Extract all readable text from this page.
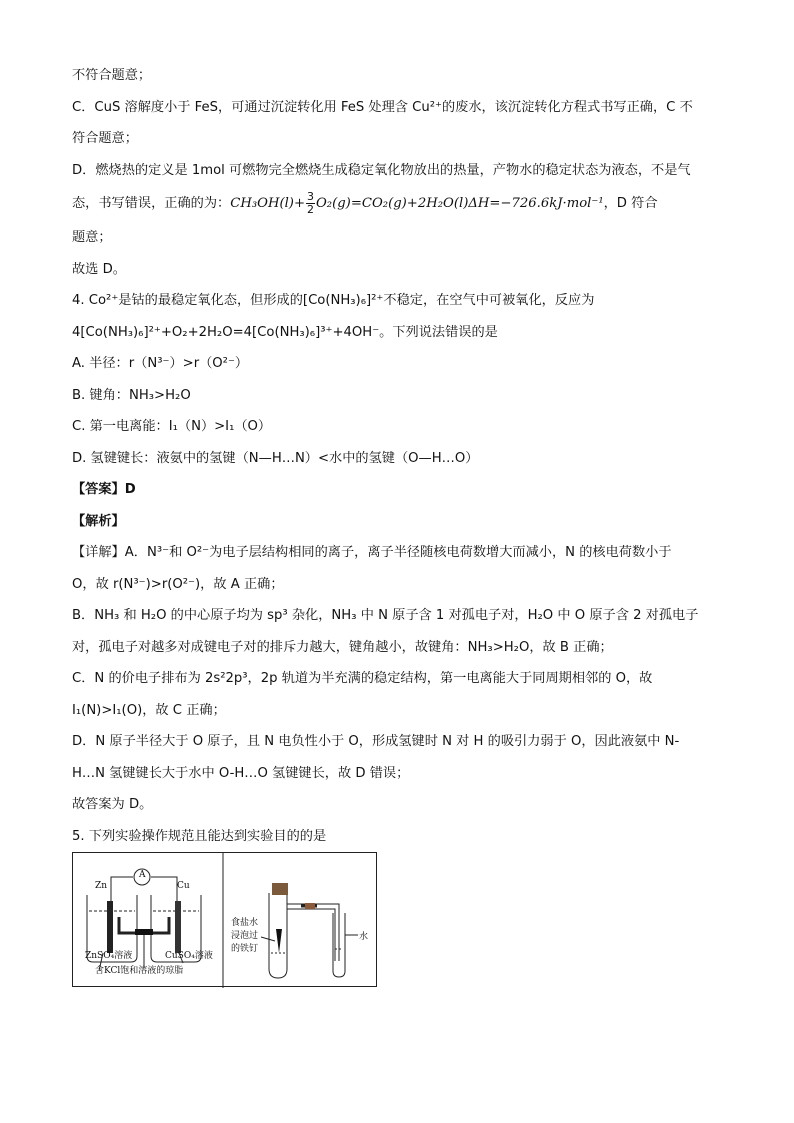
不符合题意；
C．CuS 溶解度小于 FeS，可通过沉淀转化用 FeS 处理含 Cu²⁺的废水，该沉淀转化方程式书写正确，C 不
符合题意；
D．燃烧热的定义是 1mol 可燃物完全燃烧生成稳定氧化物放出的热量，产物水的稳定状态为液态，不是气
态，书写错误，正确的为：$CH_3OH(l)+ \frac{3}{2} O_2(g)=CO_2(g)+2H_2O(l)\Delta H=-726.6kJ\cdot mol^{-1}$，D 符合
题意；
故选 D。
4. Co²⁺是钴的最稳定氧化态，但形成的[Co(NH₃)₆]²⁺不稳定，在空气中可被氧化，反应为
4[Co(NH₃)₆]²⁺+O₂+2H₂O=4[Co(NH₃)₆]³⁺+4OH⁻。下列说法错误的是
A. 半径：r（N³⁻）>r（O²⁻）
B. 键角：NH₃>H₂O
C. 第一电离能：I₁（N）>I₁（O）
D. 氢键键长：液氨中的氢键（N—H…N）<水中的氢键（O—H…O）
【答案】D
【解析】
【详解】A．N³⁻和 O²⁻为电子层结构相同的离子，离子半径随核电荷数增大而减小，N 的核电荷数小于
O，故 r(N³⁻)>r(O²⁻)，故 A 正确；
B．NH₃ 和 H₂O 的中心原子均为 sp³ 杂化，NH₃ 中 N 原子含 1 对孤电子对，H₂O 中 O 原子含 2 对孤电子
对，孤电子对越多对成键电子对的排斥力越大，键角越小，故键角：NH₃>H₂O，故 B 正确；
C．N 的价电子排布为 2s²2p³，2p 轨道为半充满的稳定结构，第一电离能大于同周期相邻的 O，故
I₁(N)>I₁(O)，故 C 正确；
D．N 原子半径大于 O 原子，且 N 电负性小于 O，形成氢键时 N 对 H 的吸引力弱于 O，因此液氨中 N-
H…N 氢键键长大于水中 O-H…O 氢键键长，故 D 错误；
故答案为 D。
5. 下列实验操作规范且能达到实验目的的是
Zn	Cu
A
ZnSO₄溶液	CuSO₄溶液
含KCl饱和溶液的琼脂
食盐水
浸泡过
的铁钉
水
